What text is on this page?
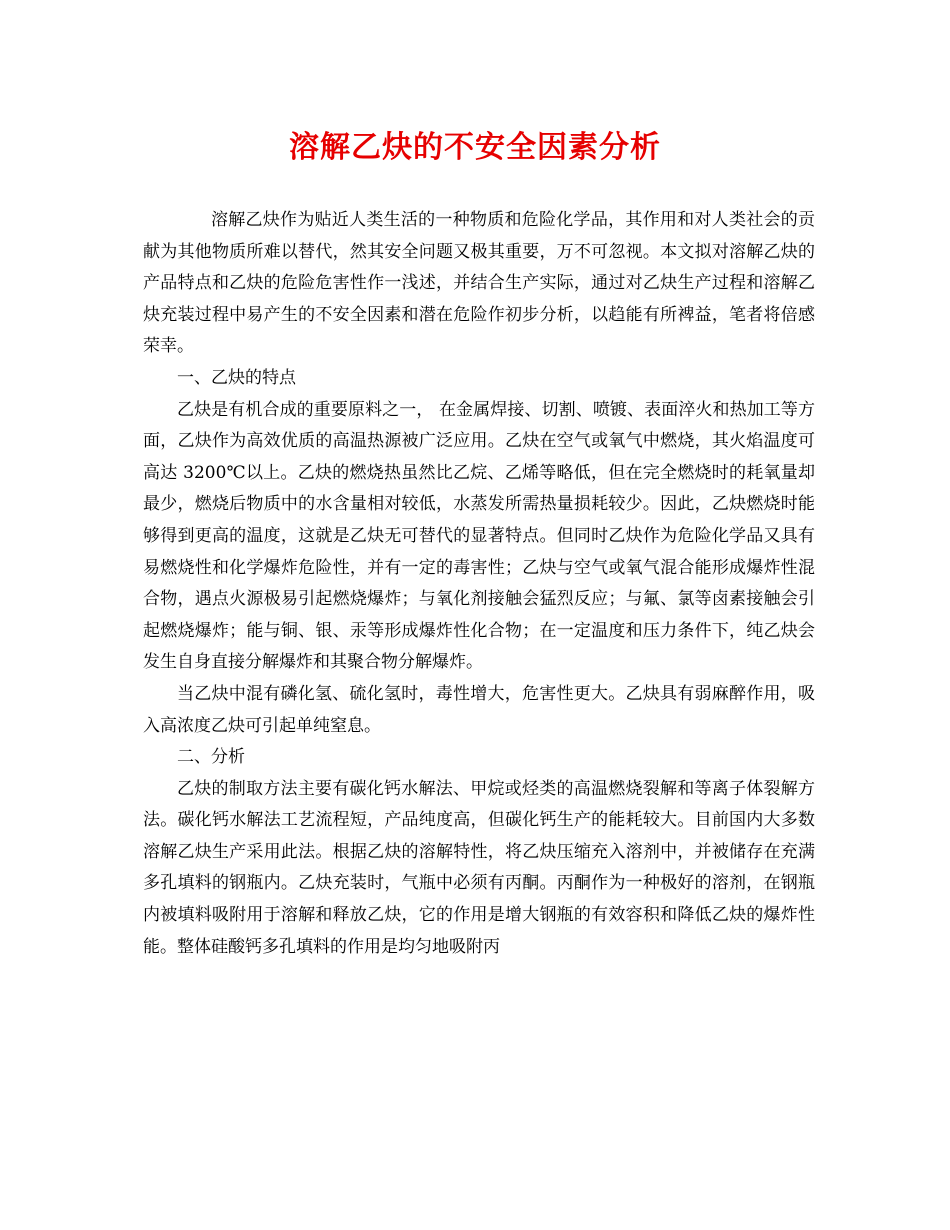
溶解乙炔的不安全因素分析

溶解乙炔作为贴近人类生活的一种物质和危险化学品，其作用和对人类社会的贡献为其他物质所难以替代，然其安全问题又极其重要，万不可忽视。本文拟对溶解乙炔的产品特点和乙炔的危险危害性作一浅述，并结合生产实际，通过对乙炔生产过程和溶解乙炔充装过程中易产生的不安全因素和潜在危险作初步分析，以趋能有所裨益，笔者将倍感荣幸。

一、乙炔的特点

乙炔是有机合成的重要原料之一， 在金属焊接、切割、喷镀、表面淬火和热加工等方面，乙炔作为高效优质的高温热源被广泛应用。乙炔在空气或氧气中燃烧，其火焰温度可高达 3200℃以上。乙炔的燃烧热虽然比乙烷、乙烯等略低，但在完全燃烧时的耗氧量却最少，燃烧后物质中的水含量相对较低，水蒸发所需热量损耗较少。因此，乙炔燃烧时能够得到更高的温度，这就是乙炔无可替代的显著特点。但同时乙炔作为危险化学品又具有易燃烧性和化学爆炸危险性，并有一定的毒害性；乙炔与空气或氧气混合能形成爆炸性混合物，遇点火源极易引起燃烧爆炸；与氧化剂接触会猛烈反应；与氟、氯等卤素接触会引起燃烧爆炸；能与铜、银、汞等形成爆炸性化合物；在一定温度和压力条件下，纯乙炔会发生自身直接分解爆炸和其聚合物分解爆炸。

当乙炔中混有磷化氢、硫化氢时，毒性增大，危害性更大。乙炔具有弱麻醉作用，吸入高浓度乙炔可引起单纯窒息。

二、分析

乙炔的制取方法主要有碳化钙水解法、甲烷或烃类的高温燃烧裂解和等离子体裂解方法。碳化钙水解法工艺流程短，产品纯度高，但碳化钙生产的能耗较大。目前国内大多数溶解乙炔生产采用此法。根据乙炔的溶解特性，将乙炔压缩充入溶剂中，并被储存在充满多孔填料的钢瓶内。乙炔充装时，气瓶中必须有丙酮。丙酮作为一种极好的溶剂，在钢瓶内被填料吸附用于溶解和释放乙炔，它的作用是增大钢瓶的有效容积和降低乙炔的爆炸性能。整体硅酸钙多孔填料的作用是均匀地吸附丙
